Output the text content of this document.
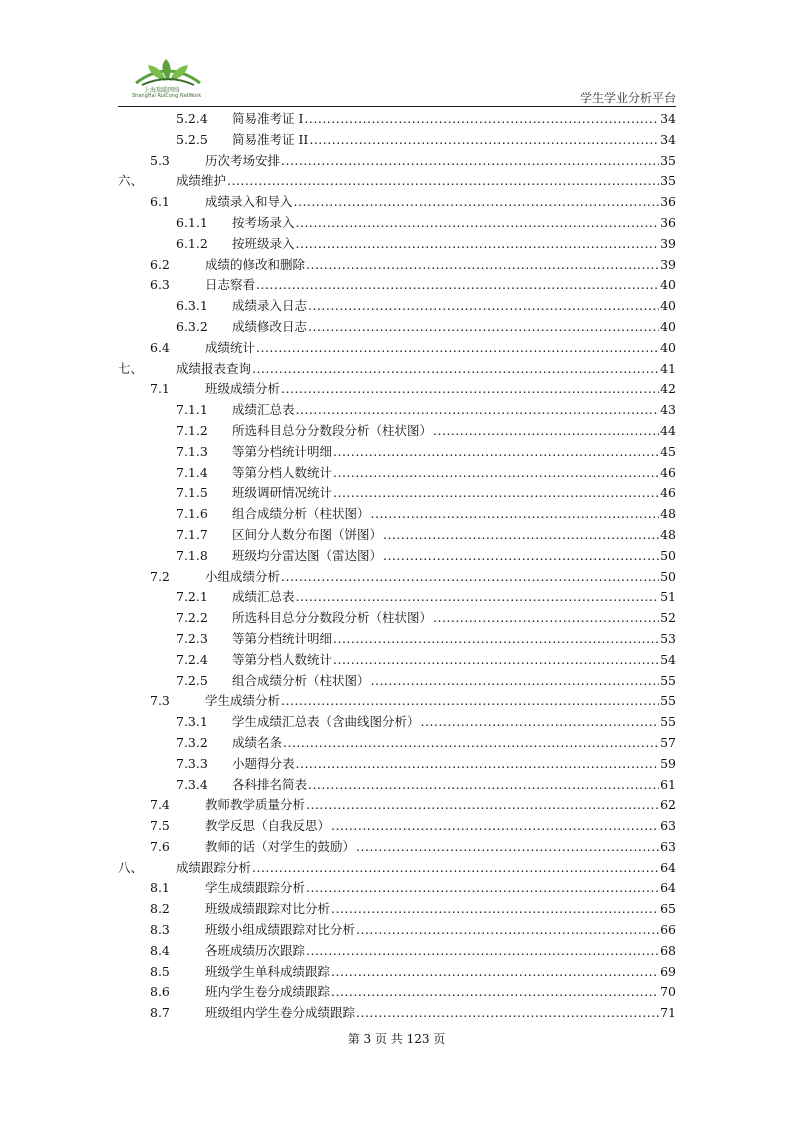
上海瑞聪网络
ShangHai RuiCong NetWork	学生学业分析平台
5.2.4 简易准考证 I .....	34
5.2.5 简易准考证 II .....	34
5.3	历次考场安排 .....	35
六、	成绩维护 .....	35
6.1	成绩录入和导入 .....	36
6.1.1 按考场录入 .....	36
6.1.2 按班级录入 .....	39
6.2	成绩的修改和删除 .....	39
6.3	日志察看 .....	40
6.3.1 成绩录入日志 .....	40
6.3.2 成绩修改日志 .....	40
6.4	成绩统计 .....	40
七、	成绩报表查询 .....	41
7.1	班级成绩分析 .....	42
7.1.1 成绩汇总表 .....	43
7.1.2 所选科目总分分数段分析（柱状图） .....	44
7.1.3 等第分档统计明细 .....	45
7.1.4 等第分档人数统计 .....	46
7.1.5 班级调研情况统计 .....	46
7.1.6 组合成绩分析（柱状图） .....	48
7.1.7 区间分人数分布图（饼图） .....	48
7.1.8 班级均分雷达图（雷达图） .....	50
7.2	小组成绩分析 .....	50
7.2.1 成绩汇总表 .....	51
7.2.2 所选科目总分分数段分析（柱状图） .....	52
7.2.3 等第分档统计明细 .....	53
7.2.4 等第分档人数统计 .....	54
7.2.5 组合成绩分析（柱状图） .....	55
7.3	学生成绩分析 .....	55
7.3.1 学生成绩汇总表（含曲线图分析） .....	55
7.3.2 成绩名条 .....	57
7.3.3 小题得分表 .....	59
7.3.4 各科排名简表 .....	61
7.4	教师教学质量分析 .....	62
7.5	教学反思（自我反思） .....	63
7.6	教师的话（对学生的鼓励） .....	63
八、	成绩跟踪分析 .....	64
8.1	学生成绩跟踪分析 .....	64
8.2	班级成绩跟踪对比分析 .....	65
8.3	班级小组成绩跟踪对比分析 .....	66
8.4	各班成绩历次跟踪 .....	68
8.5	班级学生单科成绩跟踪 .....	69
8.6	班内学生卷分成绩跟踪 .....	70
8.7	班级组内学生卷分成绩跟踪 .....	71
第 3 页 共 123 页
